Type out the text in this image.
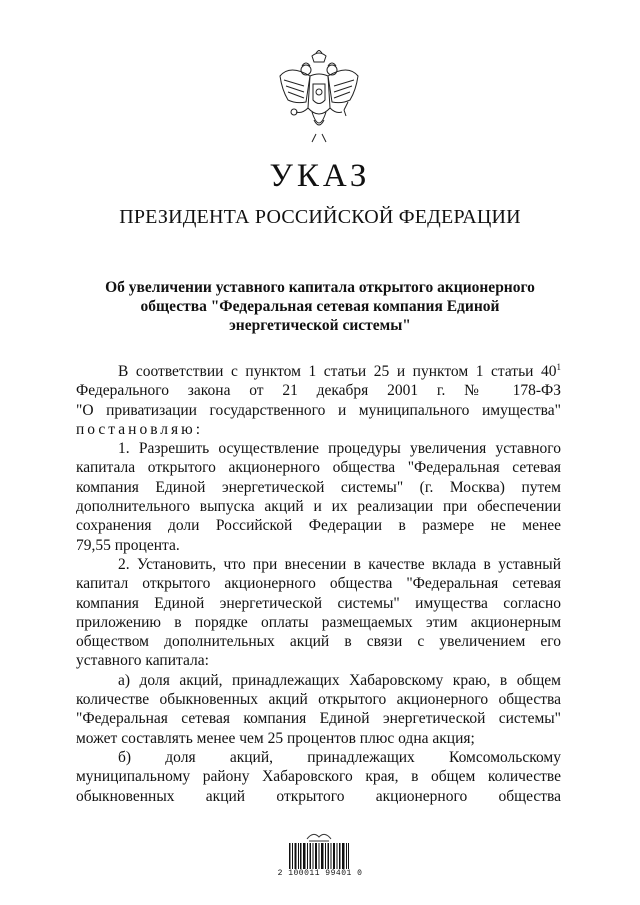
УКАЗ
ПРЕЗИДЕНТА РОССИЙСКОЙ ФЕДЕРАЦИИ
Об увеличении уставного капитала открытого акционерного
общества "Федеральная сетевая компания Единой
энергетической системы"

В соответствии с пунктом 1 статьи 25 и пунктом 1 статьи $40^1$

Федерального закона от 21 декабря 2001 г. № 178-ФЗ

"О приватизации государственного и муниципального имущества"

постановляю:

1. Разрешить осуществление процедуры увеличения уставного

капитала открытого акционерного общества "Федеральная сетевая

компания Единой энергетической системы" (г. Москва) путем

дополнительного выпуска акций и их реализации при обеспечении

сохранения доли Российской Федерации в размере не менее

79,55 процента.

2. Установить, что при внесении в качестве вклада в уставный

капитал открытого акционерного общества "Федеральная сетевая

компания Единой энергетической системы" имущества согласно

приложению в порядке оплаты размещаемых этим акционерным

обществом дополнительных акций в связи с увеличением его

уставного капитала:

а) доля акций, принадлежащих Хабаровскому краю, в общем

количестве обыкновенных акций открытого акционерного общества

"Федеральная сетевая компания Единой энергетической системы"

может составлять менее чем 25 процентов плюс одна акция;

б) доля акций, принадлежащих Комсомольскому

муниципальному району Хабаровского края, в общем количестве

обыкновенных акций открытого акционерного общества

2 100011 99401 0
